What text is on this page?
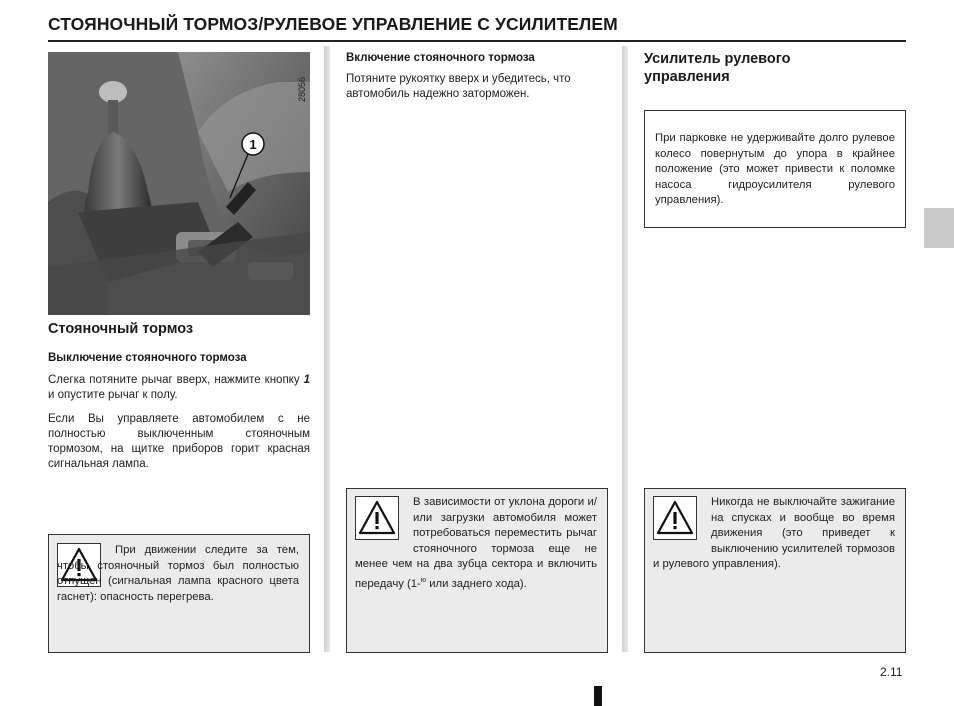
СТОЯНОЧНЫЙ ТОРМОЗ/РУЛЕВОЕ УПРАВЛЕНИЕ С УСИЛИТЕЛЕМ
1
28056
Стояночный тормоз
Выключение стояночного тормоза

Слегка потяните рычаг вверх, нажмите кнопку 1 и опустите рычаг к полу.

Если Вы управляете автомобилем с не полностью выключенным стояночным тормозом, на щитке приборов горит красная сигнальная лампа.

При движении следите за тем, чтобы стояночный тормоз был полностью отпущен (сигнальная лампа красного цвета гаснет): опасность перегрева.
Включение стояночного тормоза
Потяните рукоятку вверх и убедитесь, что автомобиль надежно заторможен.
В зависимости от уклона дороги и/или загрузки автомобиля может потребоваться переместить рычаг стояночного тормоза еще не менее чем на два зубца сектора и включить передачу (1-$^ю$ или заднего хода).
Усилитель рулевого управления
При парковке не удерживайте долго рулевое колесо повернутым до упора в крайнее положение (это может привести к поломке насоса гидроусилителя рулевого управления).
Никогда не выключайте зажигание на спусках и вообще во время движения (это приведет к выключению усилителей тормозов и рулевого управления).
2.11
